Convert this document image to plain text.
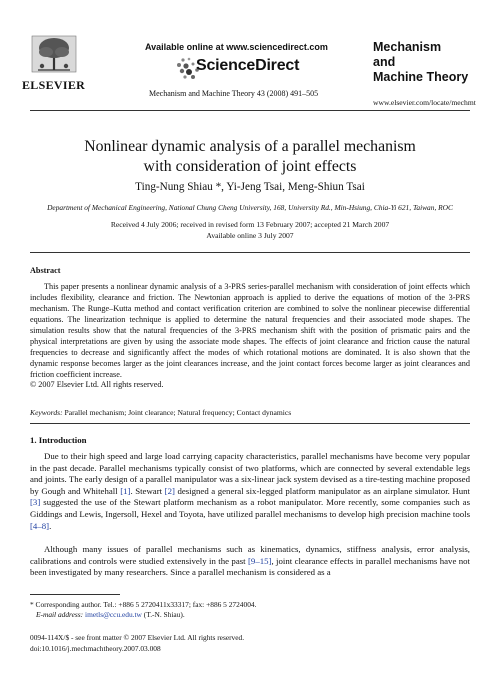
ELSEVIER
Available online at www.sciencedirect.com
ScienceDirect
Mechanism and Machine Theory 43 (2008) 491–505
Mechanism
and
Machine Theory
www.elsevier.com/locate/mechmt
Nonlinear dynamic analysis of a parallel mechanism
with consideration of joint effects
Ting-Nung Shiau *, Yi-Jeng Tsai, Meng-Shiun Tsai
Department of Mechanical Engineering, National Chung Cheng University, 168, University Rd., Min-Hsiung, Chia-Yi 621, Taiwan, ROC
Received 4 July 2006; received in revised form 13 February 2007; accepted 21 March 2007
Available online 3 July 2007
Abstract
This paper presents a nonlinear dynamic analysis of a 3-PRS series-parallel mechanism with consideration of joint effects which includes flexibility, clearance and friction. The Newtonian approach is applied to derive the equations of motion of the 3-PRS mechanism. The Runge–Kutta method and contact verification criterion are combined to solve the nonlinear piecewise differential equations. The linearization technique is applied to determine the natural frequencies and their associated mode shapes. The simulation results show that the natural frequencies of the 3-PRS mechanism shift with the position of prismatic pairs and the physical interpretations are given by using the associate mode shapes. The effects of joint clearance and friction cause the natural frequencies to decrease and significantly affect the modes of which rotational motions are dominated. It is also shown that the dynamic response becomes larger as the joint clearances increase, and the joint contact forces become larger as joint clearances and friction coefficient increase.
© 2007 Elsevier Ltd. All rights reserved.
Keywords: Parallel mechanism; Joint clearance; Natural frequency; Contact dynamics
1. Introduction
Due to their high speed and large load carrying capacity characteristics, parallel mechanisms have become very popular in the past decade. Parallel mechanisms typically consist of two platforms, which are connected by several extendable legs and joints. The early design of a parallel manipulator was a six-linear jack system devised as a tire-testing machine proposed by Gough and Whitehall [1]. Stewart [2] designed a general six-legged platform manipulator as an airplane simulator. Hunt [3] suggested the use of the Stewart platform mechanism as a robot manipulator. More recently, some companies such as Giddings and Lewis, Ingersoll, Hexel and Toyota, have utilized parallel mechanisms to develop high precision machine tools [4–8].
Although many issues of parallel mechanisms such as kinematics, dynamics, stiffness analysis, error analysis, calibrations and controls were studied extensively in the past [9–15], joint clearance effects in parallel mechanisms have not been investigated by many researchers. Since a parallel mechanism is considered as a
* Corresponding author. Tel.: +886 5 2720411x33317; fax: +886 5 2724004.
E-mail address: imetls@ccu.edu.tw (T.-N. Shiau).
0094-114X/$ - see front matter © 2007 Elsevier Ltd. All rights reserved.
doi:10.1016/j.mechmachtheory.2007.03.008
